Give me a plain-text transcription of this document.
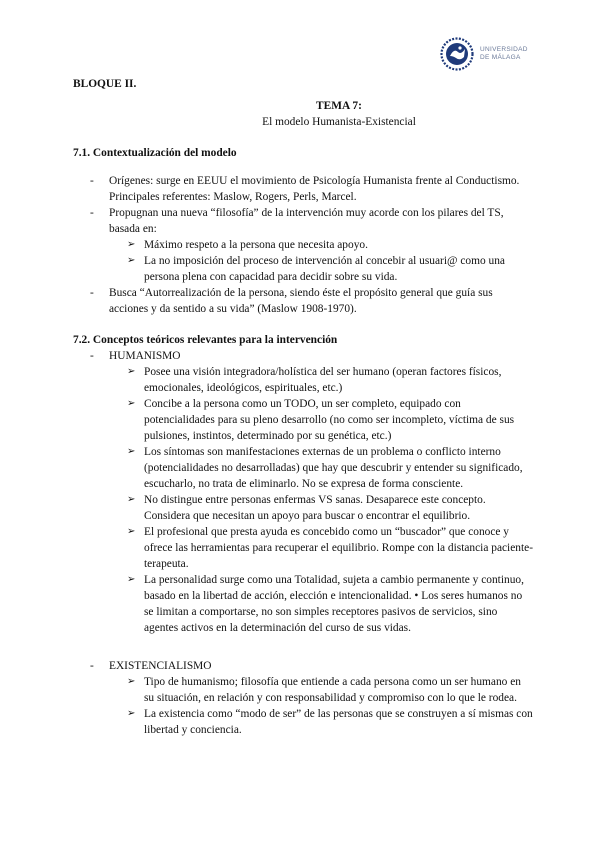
UNIVERSIDAD
DE MÁLAGA
BLOQUE II.
TEMA 7:
El modelo Humanista-Existencial
7.1. Contextualización del modelo
- Orígenes: surge en EEUU el movimiento de Psicología Humanista frente al Conductismo. Principales referentes: Maslow, Rogers, Perls, Marcel.
- Propugnan una nueva “filosofía” de la intervención muy acorde con los pilares del TS, basada en:
➢ Máximo respeto a la persona que necesita apoyo.
➢ La no imposición del proceso de intervención al concebir al usuari@ como una persona plena con capacidad para decidir sobre su vida.
- Busca “Autorrealización de la persona, siendo éste el propósito general que guía sus acciones y da sentido a su vida” (Maslow 1908-1970).
7.2. Conceptos teóricos relevantes para la intervención
- HUMANISMO
➢ Posee una visión integradora/holística del ser humano (operan factores físicos, emocionales, ideológicos, espirituales, etc.)
➢ Concibe a la persona como un TODO, un ser completo, equipado con potencialidades para su pleno desarrollo (no como ser incompleto, víctima de sus pulsiones, instintos, determinado por su genética, etc.)
➢ Los síntomas son manifestaciones externas de un problema o conflicto interno (potencialidades no desarrolladas) que hay que descubrir y entender su significado, escucharlo, no trata de eliminarlo. No se expresa de forma consciente.
➢ No distingue entre personas enfermas VS sanas. Desaparece este concepto. Considera que necesitan un apoyo para buscar o encontrar el equilibrio.
➢ El profesional que presta ayuda es concebido como un “buscador” que conoce y ofrece las herramientas para recuperar el equilibrio. Rompe con la distancia paciente-terapeuta.
➢ La personalidad surge como una Totalidad, sujeta a cambio permanente y continuo, basado en la libertad de acción, elección e intencionalidad. • Los seres humanos no se limitan a comportarse, no son simples receptores pasivos de servicios, sino agentes activos en la determinación del curso de sus vidas.
- EXISTENCIALISMO
➢ Tipo de humanismo; filosofía que entiende a cada persona como un ser humano en su situación, en relación y con responsabilidad y compromiso con lo que le rodea.
➢ La existencia como “modo de ser” de las personas que se construyen a sí mismas con libertad y conciencia.
